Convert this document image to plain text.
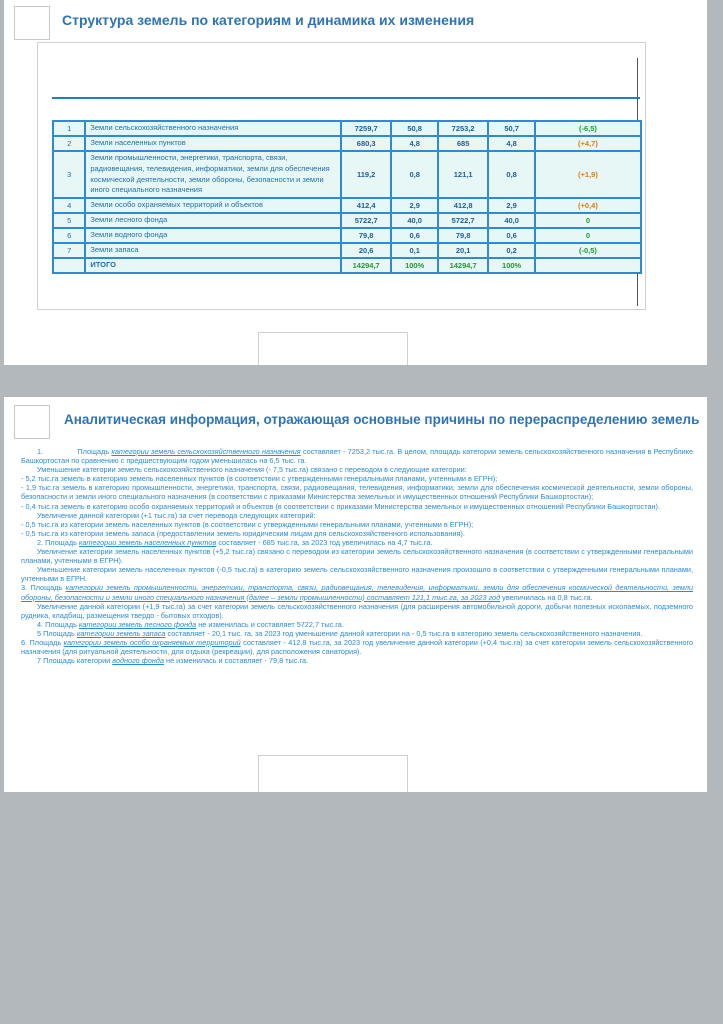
Структура земель по категориям и динамика их изменения
1	Земли сельскохозяйственного назначения	7259,7	50,8	7253,2	50,7	(-6,5)
2	Земли населенных пунктов	680,3	4,8	685	4,8	(+4,7)
3	Земли промышленности, энергетики, транспорта, связи, радиовещания, телевидения, информатики, земли для обеспечения космической деятельности, земли обороны, безопасности и земли иного специального назначения	119,2	0,8	121,1	0,8	(+1,9)
4	Земли особо охраняемых территорий и объектов	412,4	2,9	412,8	2,9	(+0,4)
5	Земли лесного фонда	5722,7	40,0	5722,7	40,0	0
6	Земли водного фонда	79,8	0,6	79,8	0,6	0
7	Земли запаса	20,6	0,1	20,1	0,2	(-0,5)
	ИТОГО	14294,7	100%	14294,7	100%	
Аналитическая информация, отражающая основные причины по перераспределению земель

1.	Площадь категории земель сельскохозяйственного назначения составляет - 7253,2 тыс.га. В целом, площадь категории земель сельскохозяйственного назначения в Республике Башкортостан по сравнению с предшествующим годом уменьшилась на 6,5 тыс. га.

Уменьшение категории земель сельскохозяйственного назначения (- 7,5 тыс.га) связано с переводом в следующие категории:

- 5,2 тыс.га земель в категорию земель населенных пунктов (в соответствии с утвержденными генеральными планами, учтенными в ЕГРН);

- 1,9 тыс.га земель в категорию промышленности, энергетики, транспорта, связи, радиовещания, телевидения, информатики, земли для обеспечения космической деятельности, земли обороны, безопасности и земли иного специального назначения (в соответствии с приказами Министерства земельных и имущественных отношений Республики Башкортостан);

- 0,4 тыс.га земель в категорию особо охраняемых территорий и объектов (в соответствии с приказами Министерства земельных и имущественных отношений Республики Башкортостан).

Увеличение данной категории (+1 тыс.га) за счет перевода следующих категорий:

- 0,5 тыс.га из категории земель населенных пунктов (в соответствии с утвержденными генеральными планами, учтенными в ЕГРН);

- 0,5 тыс.га из категории земель запаса (предоставлении земель юридическим лицам для сельскохозяйственного использования).

2. Площадь категории земель населенных пунктов составляет - 685 тыс.га, за 2023 год увеличилась на 4,7 тыс.га.

Увеличение категории земель населенных пунктов (+5,2 тыс.га) связано с переводом из категории земель сельскохозяйственного назначения (в соответствии с утвержденными генеральными планами, учтенными в ЕГРН).

Уменьшение категории земель населенных пунктов (-0,5 тыс.га) в категорию земель сельскохозяйственного назначения произошло в соответствии с утвержденными генеральными планами, учтенными в ЕГРН.

3. Площадь категории земель промышленности, энергетики, транспорта, связи, радиовещания, телевидения, информатики, земли для обеспечения космической деятельности, земли обороны, безопасности и земли иного специального назначения (далее – земли промышленности) составляет 121,1 тыс.га, за 2023 год увеличилась на 0,8 тыс.га.

Увеличение данной категории (+1,9 тыс.га) за счет категории земель сельскохозяйственного назначения (для расширения автомобильной дороги, добычи полезных ископаемых, подземного рудника, кладбищ, размещения твердо - бытовых отходов).

4. Площадь категории земель лесного фонда не изменилась и составляет 5722,7 тыс.га.

5 Площадь категории земель запаса составляет - 20,1 тыс. га, за 2023 год уменьшение данной категории на - 0,5 тыс.га в категорию земель сельскохозяйственного назначения.

6. Площадь категории земель особо охраняемых территорий составляет - 412,8 тыс.га, за 2023 год увеличение данной категории (+0,4 тыс.га) за счет категории земель сельскохозяйственного назначения (для ритуальной деятельности, для отдыха (рекреации), для расположения санатория).

7 Площадь категории водного фонда не изменилась и составляет - 79,8 тыс.га.
